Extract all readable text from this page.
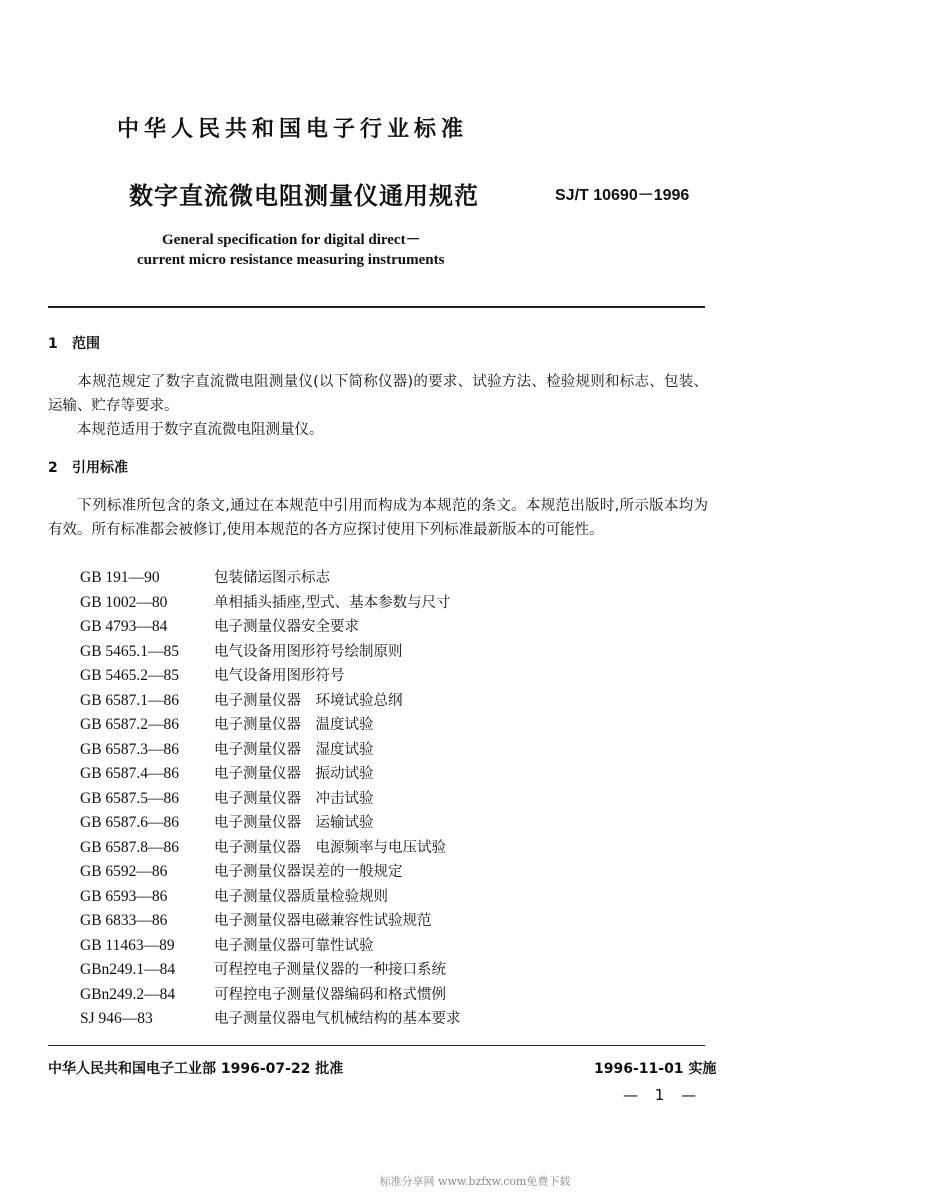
中华人民共和国电子行业标准
数字直流微电阻测量仪通用规范	SJ/T 10690－1996
General specification for digital direct－
current micro resistance measuring instruments
1 范围
本规范规定了数字直流微电阻测量仪(以下简称仪器)的要求、试验方法、检验规则和标志、包装、运输、贮存等要求。
本规范适用于数字直流微电阻测量仪。
2 引用标准
下列标准所包含的条文,通过在本规范中引用而构成为本规范的条文。本规范出版时,所示版本均为有效。所有标准都会被修订,使用本规范的各方应探讨使用下列标准最新版本的可能性。
GB 191—90	包装储运图示标志
GB 1002—80	单相插头插座,型式、基本参数与尺寸
GB 4793—84	电子测量仪器安全要求
GB 5465.1—85 电气设备用图形符号绘制原则
GB 5465.2—85 电气设备用图形符号
GB 6587.1—86 电子测量仪器　环境试验总纲
GB 6587.2—86 电子测量仪器　温度试验
GB 6587.3—86 电子测量仪器　湿度试验
GB 6587.4—86 电子测量仪器　振动试验
GB 6587.5—86 电子测量仪器　冲击试验
GB 6587.6—86 电子测量仪器　运输试验
GB 6587.8—86 电子测量仪器　电源频率与电压试验
GB 6592—86	电子测量仪器误差的一般规定
GB 6593—86	电子测量仪器质量检验规则
GB 6833—86	电子测量仪器电磁兼容性试验规范
GB 11463—89	电子测量仪器可靠性试验
GBn249.1—84	可程控电子测量仪器的一种接口系统
GBn249.2—84	可程控电子测量仪器编码和格式惯例
SJ 946—83	电子测量仪器电气机械结构的基本要求
中华人民共和国电子工业部 1996-07-22 批准	1996-11-01 实施
— 1 —
标准分享网 www.bzfxw.com免费下载
